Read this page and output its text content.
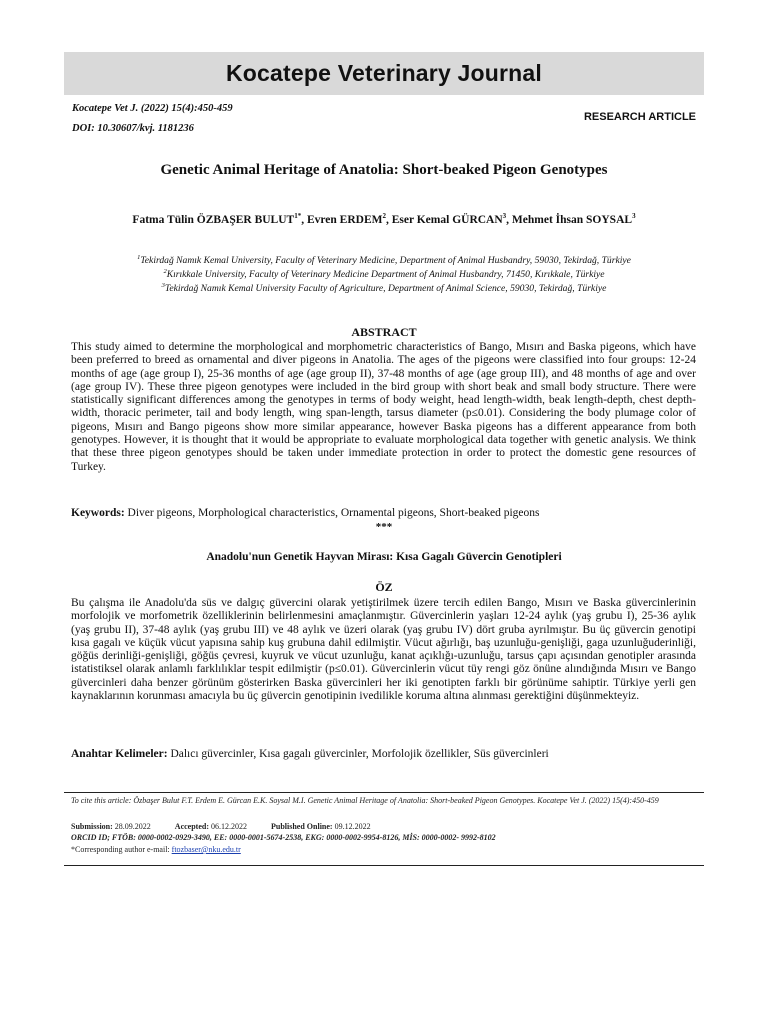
Kocatepe Veterinary Journal
Kocatepe Vet J. (2022) 15(4):450-459
DOI: 10.30607/kvj. 1181236
RESEARCH ARTICLE
Genetic Animal Heritage of Anatolia: Short-beaked Pigeon Genotypes
Fatma Tülin ÖZBAŞER $BULUT^{1*}$, Evren ERDEM$^2$, Eser Kemal GÜRCAN$^3$, Mehmet İhsan SOYSAL$^3$
$^1$Tekirdağ Namık Kemal University, Faculty of Veterinary Medicine, Department of Animal Husbandry, 59030, Tekirdağ, Türkiye
$^2$Kırıkkale University, Faculty of Veterinary Medicine Department of Animal Husbandry, 71450, Kırıkkale, Türkiye
$^3$Tekirdağ Namık Kemal University Faculty of Agriculture, Department of Animal Science, 59030, Tekirdağ, Türkiye
ABSTRACT
This study aimed to determine the morphological and morphometric characteristics of Bango, Mısırı and Baska pigeons, which have been preferred to breed as ornamental and diver pigeons in Anatolia. The ages of the pigeons were classified into four groups: 12-24 months of age (age group I), 25-36 months of age (age group II), 37-48 months of age (age group III), and 48 months of age and over (age group IV). These three pigeon genotypes were included in the bird group with short beak and small body structure. There were statistically significant differences among the genotypes in terms of body weight, head length-width, beak length-depth, chest depth-width, thoracic perimeter, tail and body length, wing span-length, tarsus diameter (p≤0.01). Considering the body plumage color of pigeons, Mısırı and Bango pigeons show more similar appearance, however Baska pigeons has a different appearance from both genotypes. However, it is thought that it would be appropriate to evaluate morphological data together with genetic analysis. We think that these three pigeon genotypes should be taken under immediate protection in order to protect the domestic gene resources of Turkey.
Keywords: Diver pigeons, Morphological characteristics, Ornamental pigeons, Short-beaked pigeons
***
Anadolu'nun Genetik Hayvan Mirası: Kısa Gagalı Güvercin Genotipleri
ÖZ
Bu çalışma ile Anadolu'da süs ve dalgıç güvercini olarak yetiştirilmek üzere tercih edilen Bango, Mısırı ve Baska güvercinlerinin morfolojik ve morfometrik özelliklerinin belirlenmesini amaçlanmıştır. Güvercinlerin yaşları 12-24 aylık (yaş grubu I), 25-36 aylık (yaş grubu II), 37-48 aylık (yaş grubu III) ve 48 aylık ve üzeri olarak (yaş grubu IV) dört gruba ayrılmıştır. Bu üç güvercin genotipi kısa gagalı ve küçük vücut yapısına sahip kuş grubuna dahil edilmiştir. Vücut ağırlığı, baş uzunluğu-genişliği, gaga uzunluğuderinliği, göğüs derinliği-genişliği, göğüs çevresi, kuyruk ve vücut uzunluğu, kanat açıklığı-uzunluğu, tarsus çapı açısından genotipler arasında istatistiksel olarak anlamlı farklılıklar tespit edilmiştir (p≤0.01). Güvercinlerin vücut tüy rengi göz önüne alındığında Mısırı ve Bango güvercinleri daha benzer görünüm gösterirken Baska güvercinleri her iki genotipten farklı bir görünüme sahiptir. Türkiye yerli gen kaynaklarının korunması amacıyla bu üç güvercin genotipinin ivedilikle koruma altına alınması gerektiğini düşünmekteyiz.
Anahtar Kelimeler: Dalıcı güvercinler, Kısa gagalı güvercinler, Morfolojik özellikler, Süs güvercinleri
To cite this article: Özbaşer Bulut F.T. Erdem E. Gürcan E.K. Soysal M.I. Genetic Animal Heritage of Anatolia: Short-beaked Pigeon Genotypes. Kocatepe Vet J. (2022) 15(4):450-459
Submission: 28.09.2022	Accepted: 06.12.2022	Published Online: 09.12.2022
ORCID ID; FTÖB: 0000-0002-0929-3490, EE: 0000-0001-5674-2538, EKG: 0000-0002-9954-8126, MİS: 0000-0002- 9992-8102
*Corresponding author e-mail: ftozbaser@nku.edu.tr
